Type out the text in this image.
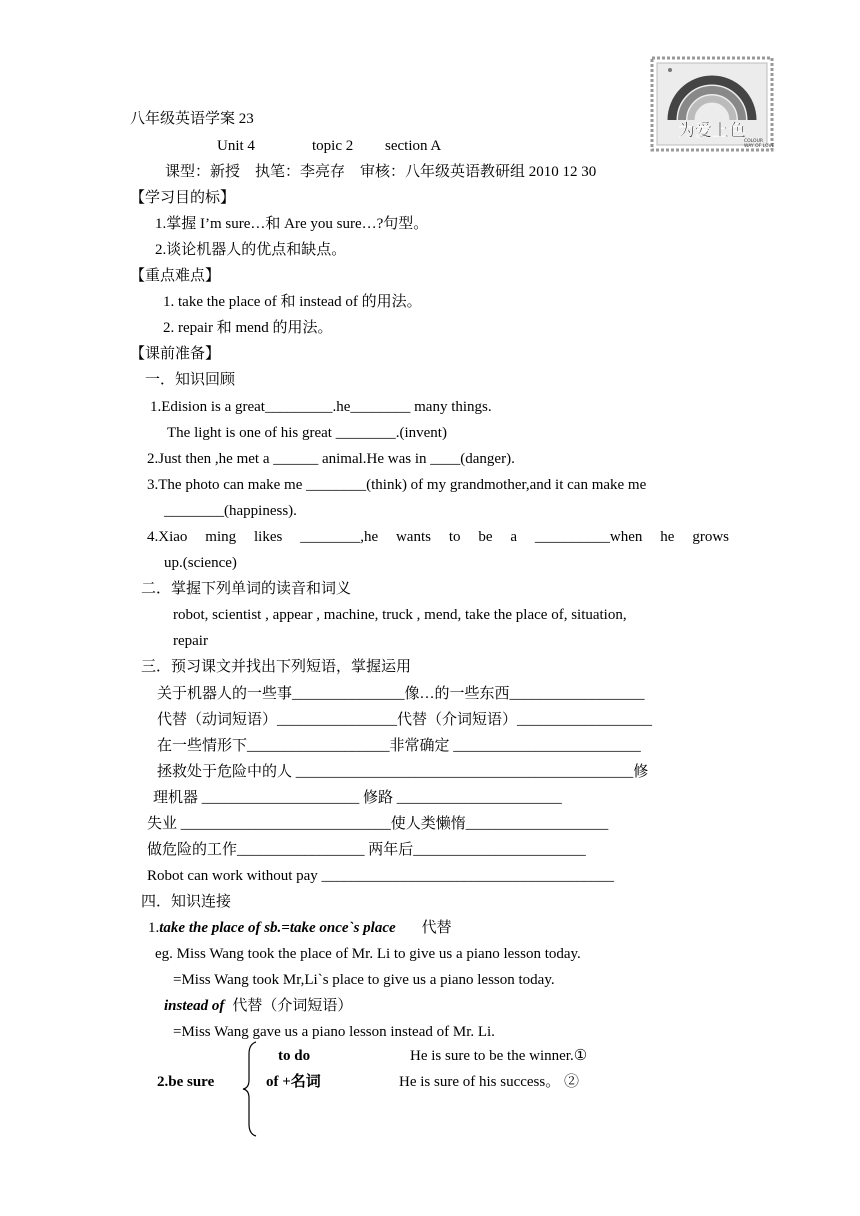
为爱上色
COLOUR
WAY OF LOVE
八年级英语学案 23
Unit 4	topic 2 section A
课型：新授　执笔：李亮存　审核：八年级英语教研组 2010 12 30
【学习目的标】
1.掌握 I’m sure…和 Are you sure…?句型。
2.谈论机器人的优点和缺点。
【重点难点】
1. take the place of 和 instead of 的用法。
2. repair 和 mend 的用法。
【课前准备】
一．知识回顾
1.Edision is a great_________.he________ many things.
The light is one of his great ________.(invent)
2.Just then ,he met a ______ animal.He was in ____(danger).
3.The photo can make me ________(think) of my grandmother,and it can make me
________(happiness).
4.Xiao ming likes ________,he wants to be a __________when he grows
up.(science)
二．掌握下列单词的读音和词义
robot, scientist , appear , machine, truck , mend, take the place of, situation,
repair
三．预习课文并找出下列短语，掌握运用
关于机器人的一些事_______________像…的一些东西__________________
代替（动词短语）________________代替（介词短语）__________________
在一些情形下___________________非常确定 _________________________
拯救处于危险中的人 _____________________________________________修
理机器 _____________________ 修路 ______________________
失业 ____________________________使人类懒惰___________________
做危险的工作_________________ 两年后_______________________
Robot can work without pay _______________________________________
四．知识连接
1.take the place of sb.=take once`s place 代替
eg. Miss Wang took the place of Mr. Li to give us a piano lesson today.
=Miss Wang took Mr,Li`s place to give us a piano lesson today.
instead of 代替（介词短语）
=Miss Wang gave us a piano lesson instead of Mr. Li.
to do	He is sure to be the winner.①
2.be sure	of +名词	He is sure of his success。 ②
